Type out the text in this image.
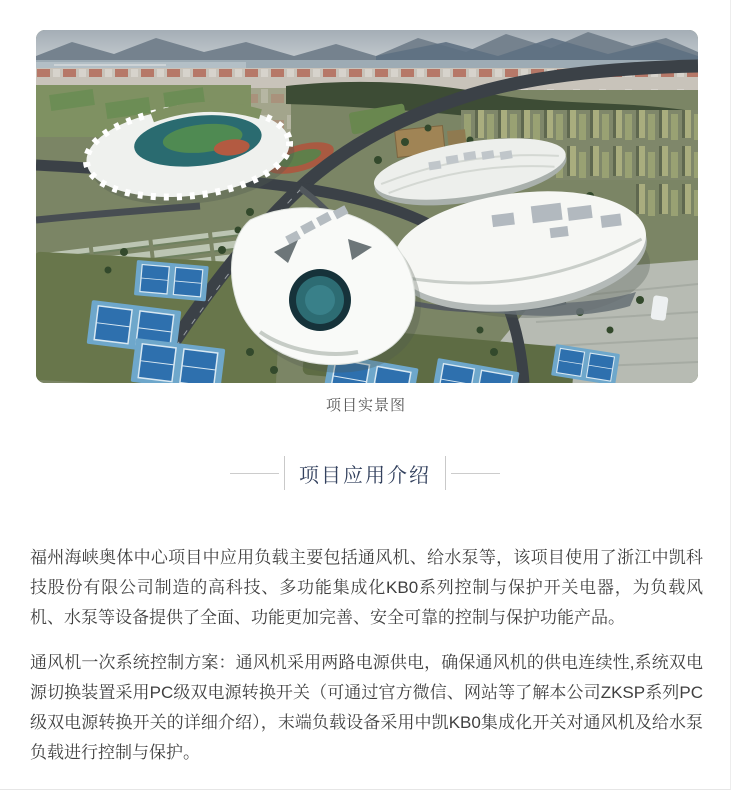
项目实景图
项目应用介绍

福州海峡奥体中心项目中应用负载主要包括通风机、给水泵等，该项目使用了浙江中凯科技股份有限公司制造的高科技、多功能集成化KB0系列控制与保护开关电器，为负载风机、水泵等设备提供了全面、功能更加完善、安全可靠的控制与保护功能产品。

通风机一次系统控制方案：通风机采用两路电源供电，确保通风机的供电连续性,系统双电源切换装置采用PC级双电源转换开关（可通过官方微信、网站等了解本公司ZKSP系列PC级双电源转换开关的详细介绍），末端负载设备采用中凯KB0集成化开关对通风机及给水泵负载进行控制与保护。
